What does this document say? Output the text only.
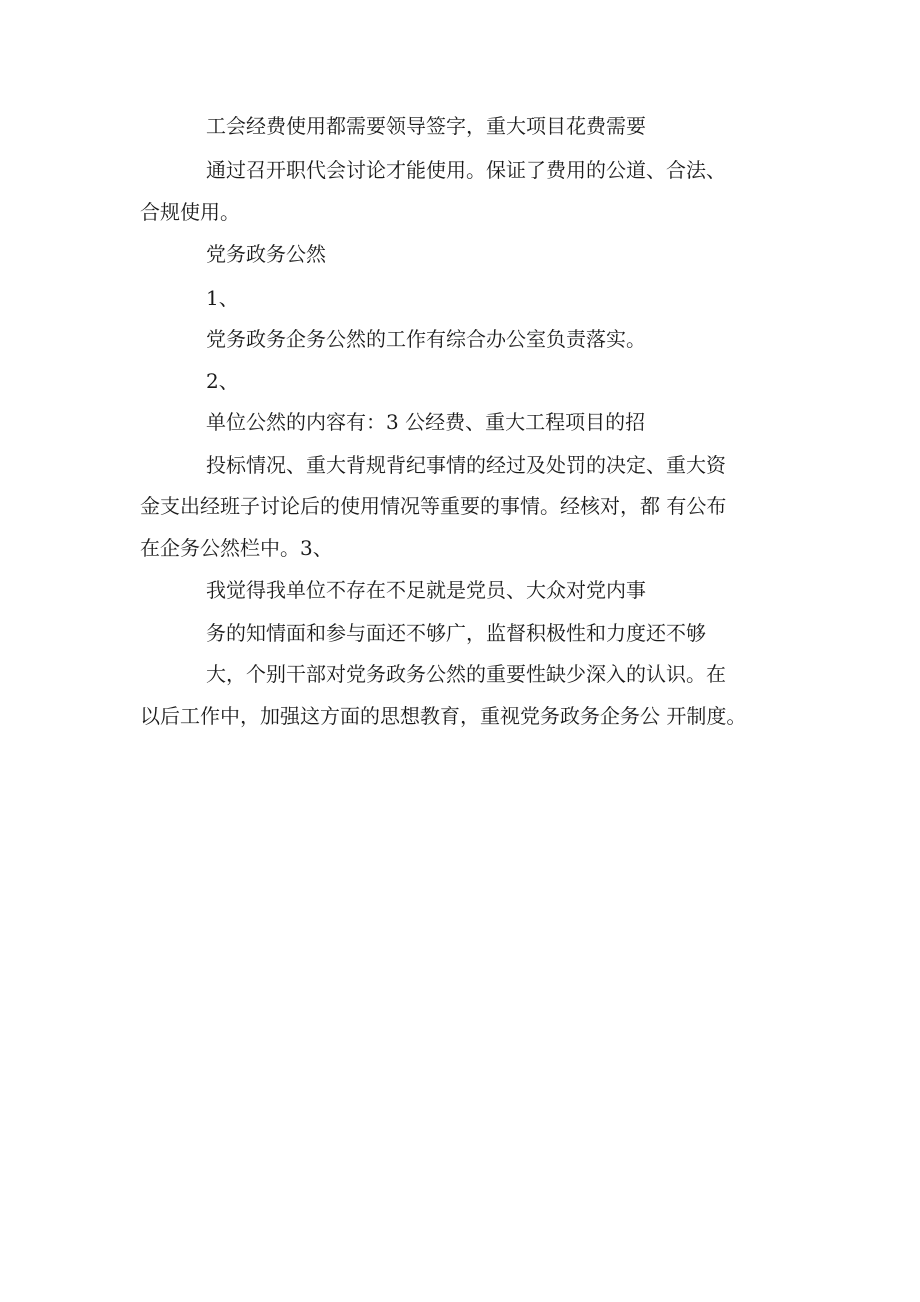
工会经费使用都需要领导签字，重大项目花费需要
通过召开职代会讨论才能使用。保证了费用的公道、合法、
合规使用。
党务政务公然
1、
党务政务企务公然的工作有综合办公室负责落实。
2、
单位公然的内容有：3 公经费、重大工程项目的招
投标情况、重大背规背纪事情的经过及处罚的决定、重大资
金支出经班子讨论后的使用情况等重要的事情。经核对，都 有公布
在企务公然栏中。3、
我觉得我单位不存在不足就是党员、大众对党内事
务的知情面和参与面还不够广，监督积极性和力度还不够
大，个别干部对党务政务公然的重要性缺少深入的认识。在
以后工作中，加强这方面的思想教育，重视党务政务企务公 开制度。
